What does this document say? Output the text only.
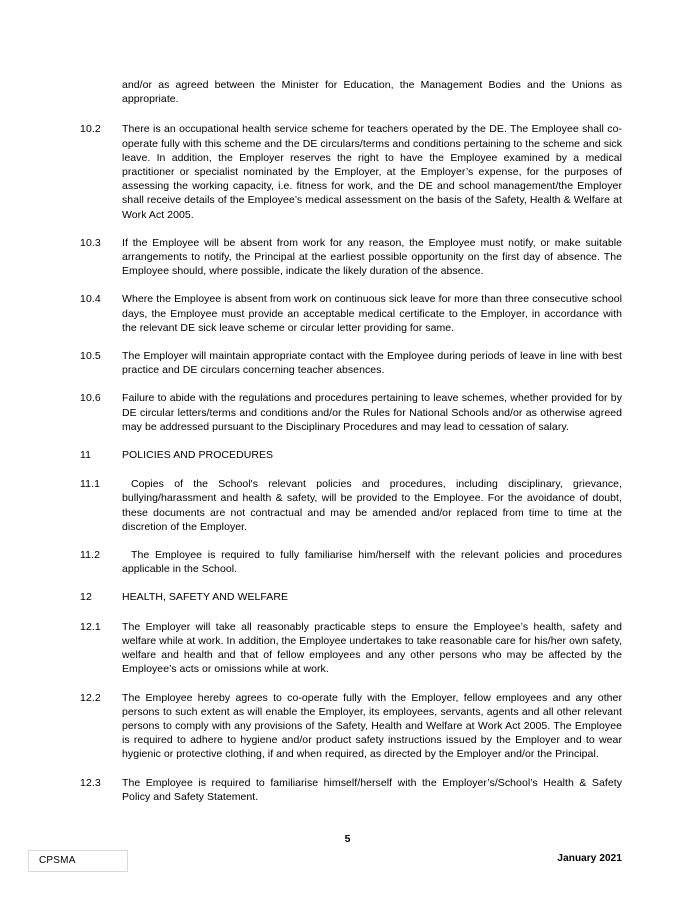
and/or as agreed between the Minister for Education, the Management Bodies and the Unions as appropriate.
10.2	There is an occupational health service scheme for teachers operated by the DE. The Employee shall co-operate fully with this scheme and the DE circulars/terms and conditions pertaining to the scheme and sick leave. In addition, the Employer reserves the right to have the Employee examined by a medical practitioner or specialist nominated by the Employer, at the Employer’s expense, for the purposes of assessing the working capacity, i.e. fitness for work, and the DE and school management/the Employer shall receive details of the Employee’s medical assessment on the basis of the Safety, Health & Welfare at Work Act 2005.
10.3	If the Employee will be absent from work for any reason, the Employee must notify, or make suitable arrangements to notify, the Principal at the earliest possible opportunity on the first day of absence. The Employee should, where possible, indicate the likely duration of the absence.
10.4	Where the Employee is absent from work on continuous sick leave for more than three consecutive school days, the Employee must provide an acceptable medical certificate to the Employer, in accordance with the relevant DE sick leave scheme or circular letter providing for same.
10.5	The Employer will maintain appropriate contact with the Employee during periods of leave in line with best practice and DE circulars concerning teacher absences.
10.6	Failure to abide with the regulations and procedures pertaining to leave schemes, whether provided for by DE circular letters/terms and conditions and/or the Rules for National Schools and/or as otherwise agreed may be addressed pursuant to the Disciplinary Procedures and may lead to cessation of salary.
11	POLICIES AND PROCEDURES
11.1	Copies of the School's relevant policies and procedures, including disciplinary, grievance, bullying/harassment and health & safety, will be provided to the Employee. For the avoidance of doubt, these documents are not contractual and may be amended and/or replaced from time to time at the discretion of the Employer.
11.2	The Employee is required to fully familiarise him/herself with the relevant policies and procedures applicable in the School.
12	HEALTH, SAFETY AND WELFARE
12.1	The Employer will take all reasonably practicable steps to ensure the Employee’s health, safety and welfare while at work. In addition, the Employee undertakes to take reasonable care for his/her own safety, welfare and health and that of fellow employees and any other persons who may be affected by the Employee’s acts or omissions while at work.
12.2	The Employee hereby agrees to co-operate fully with the Employer, fellow employees and any other persons to such extent as will enable the Employer, its employees, servants, agents and all other relevant persons to comply with any provisions of the Safety, Health and Welfare at Work Act 2005. The Employee is required to adhere to hygiene and/or product safety instructions issued by the Employer and to wear hygienic or protective clothing, if and when required, as directed by the Employer and/or the Principal.
12.3	The Employee is required to familiarise himself/herself with the Employer’s/School’s Health & Safety Policy and Safety Statement.
5
CPSMA	January 2021
